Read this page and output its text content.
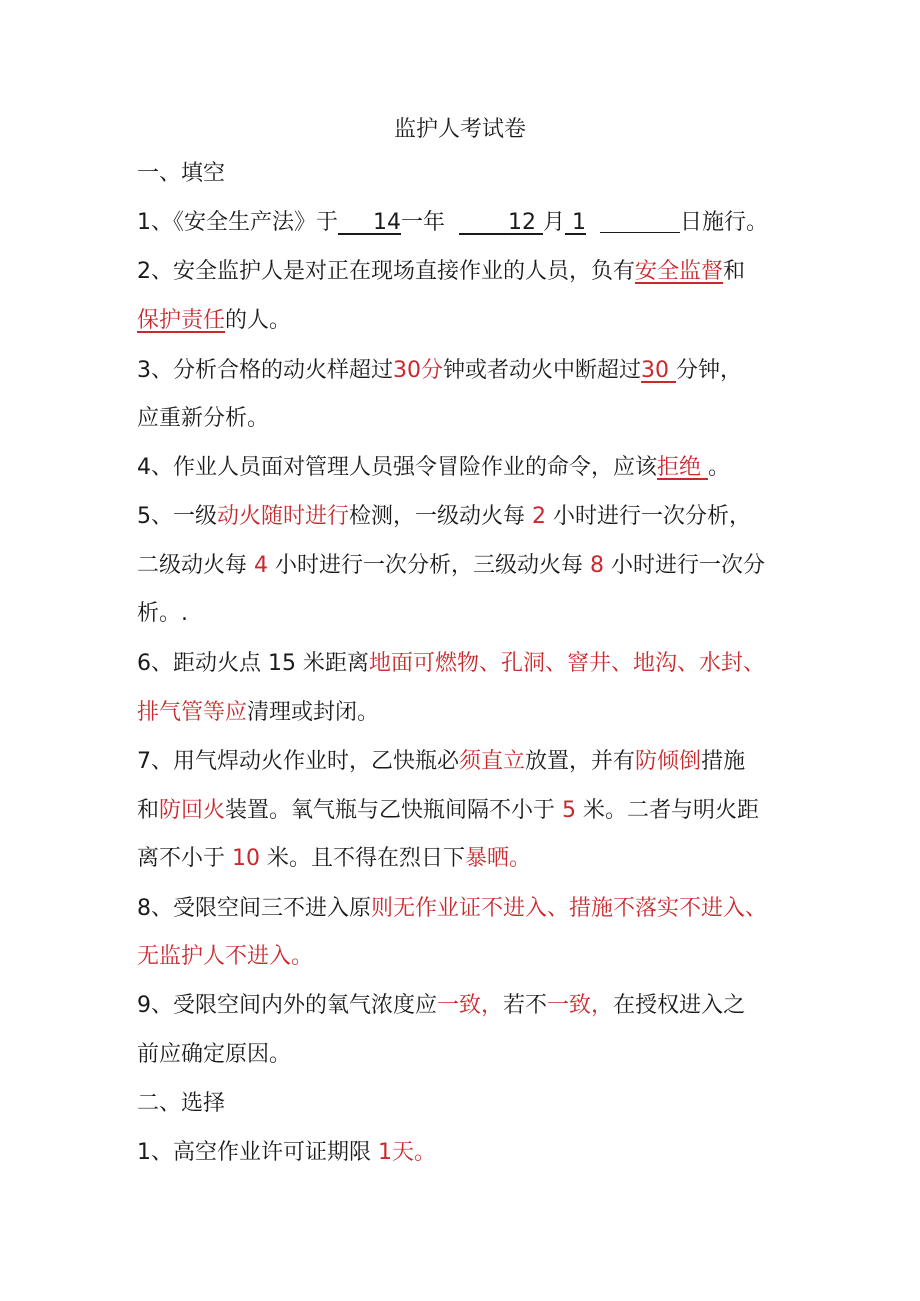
监护人考试卷
一、填空
1、《安全生产法》于 14一年	12 月 1	日施行。
2、安全监护人是对正在现场直接作业的人员，负有安全监督和
保护责任的人。
3、分析合格的动火样超过30分钟或者动火中断超过30 分钟，
应重新分析。
4、作业人员面对管理人员强令冒险作业的命令，应该拒绝 。
5、一级动火随时进行检测，一级动火每 2 小时进行一次分析，
二级动火每 4 小时进行一次分析，三级动火每 8 小时进行一次分
析。.
6、距动火点 15 米距离地面可燃物、孔洞、窨井、地沟、水封、
排气管等应清理或封闭。
7、用气焊动火作业时，乙快瓶必须直立放置，并有防倾倒措施
和防回火装置。氧气瓶与乙快瓶间隔不小于 5 米。二者与明火距
离不小于 10 米。且不得在烈日下暴晒。
8、受限空间三不进入原则无作业证不进入、措施不落实不进入、
无监护人不进入。
9、受限空间内外的氧气浓度应一致，若不一致，在授权进入之
前应确定原因。
二、选择
1、高空作业许可证期限 1天。
